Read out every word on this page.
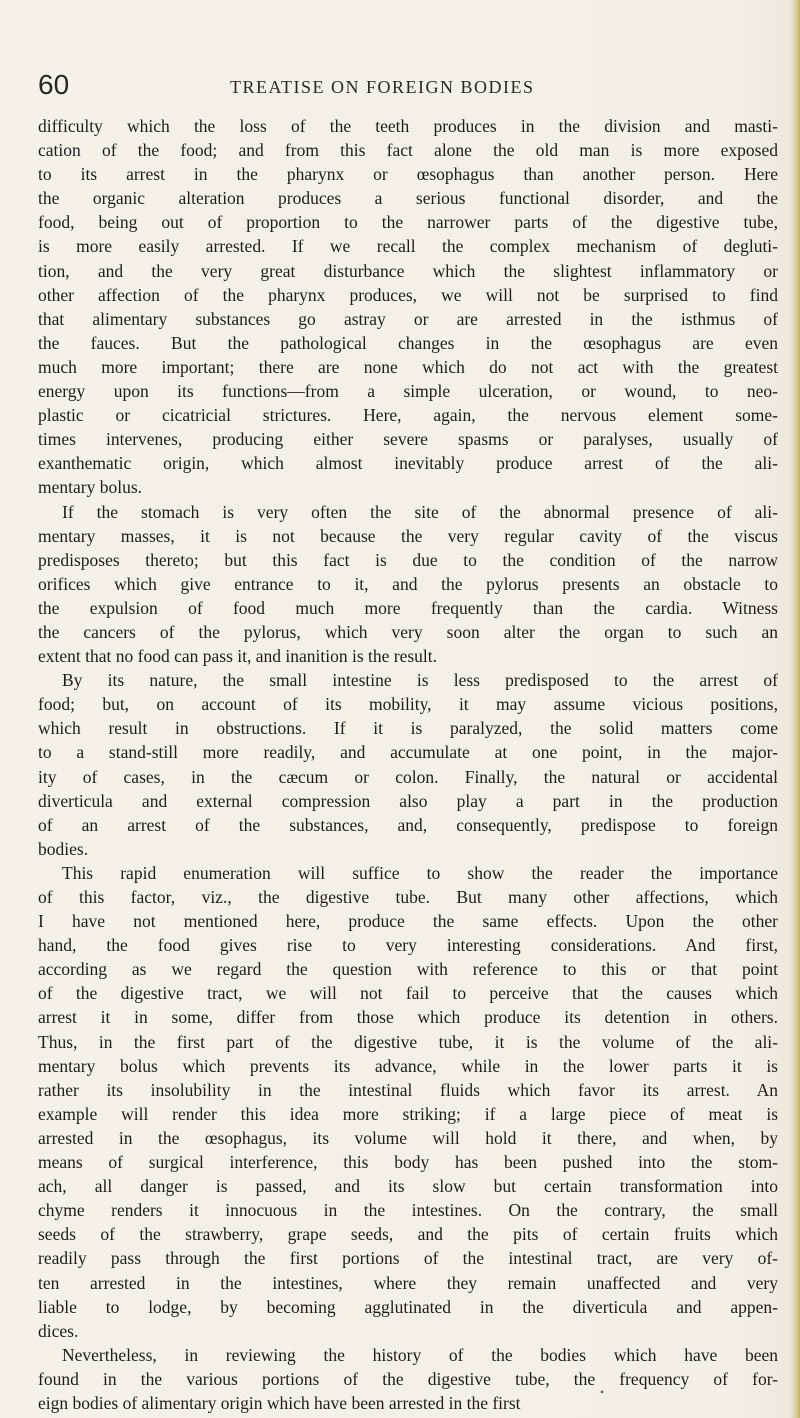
60	TREATISE ON FOREIGN BODIES
difficulty which the loss of the teeth produces in the division and masti-
cation of the food; and from this fact alone the old man is more exposed
to its arrest in the pharynx or œsophagus than another person. Here
the organic alteration produces a serious functional disorder, and the
food, being out of proportion to the narrower parts of the digestive tube,
is more easily arrested. If we recall the complex mechanism of degluti-
tion, and the very great disturbance which the slightest inflammatory or
other affection of the pharynx produces, we will not be surprised to find
that alimentary substances go astray or are arrested in the isthmus of
the fauces. But the pathological changes in the œsophagus are even
much more important; there are none which do not act with the greatest
energy upon its functions—from a simple ulceration, or wound, to neo-
plastic or cicatricial strictures. Here, again, the nervous element some-
times intervenes, producing either severe spasms or paralyses, usually of
exanthematic origin, which almost inevitably produce arrest of the ali-
mentary bolus.
If the stomach is very often the site of the abnormal presence of ali-
mentary masses, it is not because the very regular cavity of the viscus
predisposes thereto; but this fact is due to the condition of the narrow
orifices which give entrance to it, and the pylorus presents an obstacle to
the expulsion of food much more frequently than the cardia. Witness
the cancers of the pylorus, which very soon alter the organ to such an
extent that no food can pass it, and inanition is the result.
By its nature, the small intestine is less predisposed to the arrest of
food; but, on account of its mobility, it may assume vicious positions,
which result in obstructions. If it is paralyzed, the solid matters come
to a stand-still more readily, and accumulate at one point, in the major-
ity of cases, in the cæcum or colon. Finally, the natural or accidental
diverticula and external compression also play a part in the production
of an arrest of the substances, and, consequently, predispose to foreign
bodies.
This rapid enumeration will suffice to show the reader the importance
of this factor, viz., the digestive tube. But many other affections, which
I have not mentioned here, produce the same effects. Upon the other
hand, the food gives rise to very interesting considerations. And first,
according as we regard the question with reference to this or that point
of the digestive tract, we will not fail to perceive that the causes which
arrest it in some, differ from those which produce its detention in others.
Thus, in the first part of the digestive tube, it is the volume of the ali-
mentary bolus which prevents its advance, while in the lower parts it is
rather its insolubility in the intestinal fluids which favor its arrest. An
example will render this idea more striking; if a large piece of meat is
arrested in the œsophagus, its volume will hold it there, and when, by
means of surgical interference, this body has been pushed into the stom-
ach, all danger is passed, and its slow but certain transformation into
chyme renders it innocuous in the intestines. On the contrary, the small
seeds of the strawberry, grape seeds, and the pits of certain fruits which
readily pass through the first portions of the intestinal tract, are very of-
ten arrested in the intestines, where they remain unaffected and very
liable to lodge, by becoming agglutinated in the diverticula and appen-
dices.
Nevertheless, in reviewing the history of the bodies which have been
found in the various portions of the digestive tube, the frequency of for-
eign bodies of alimentary origin which have been arrested in the first
•
